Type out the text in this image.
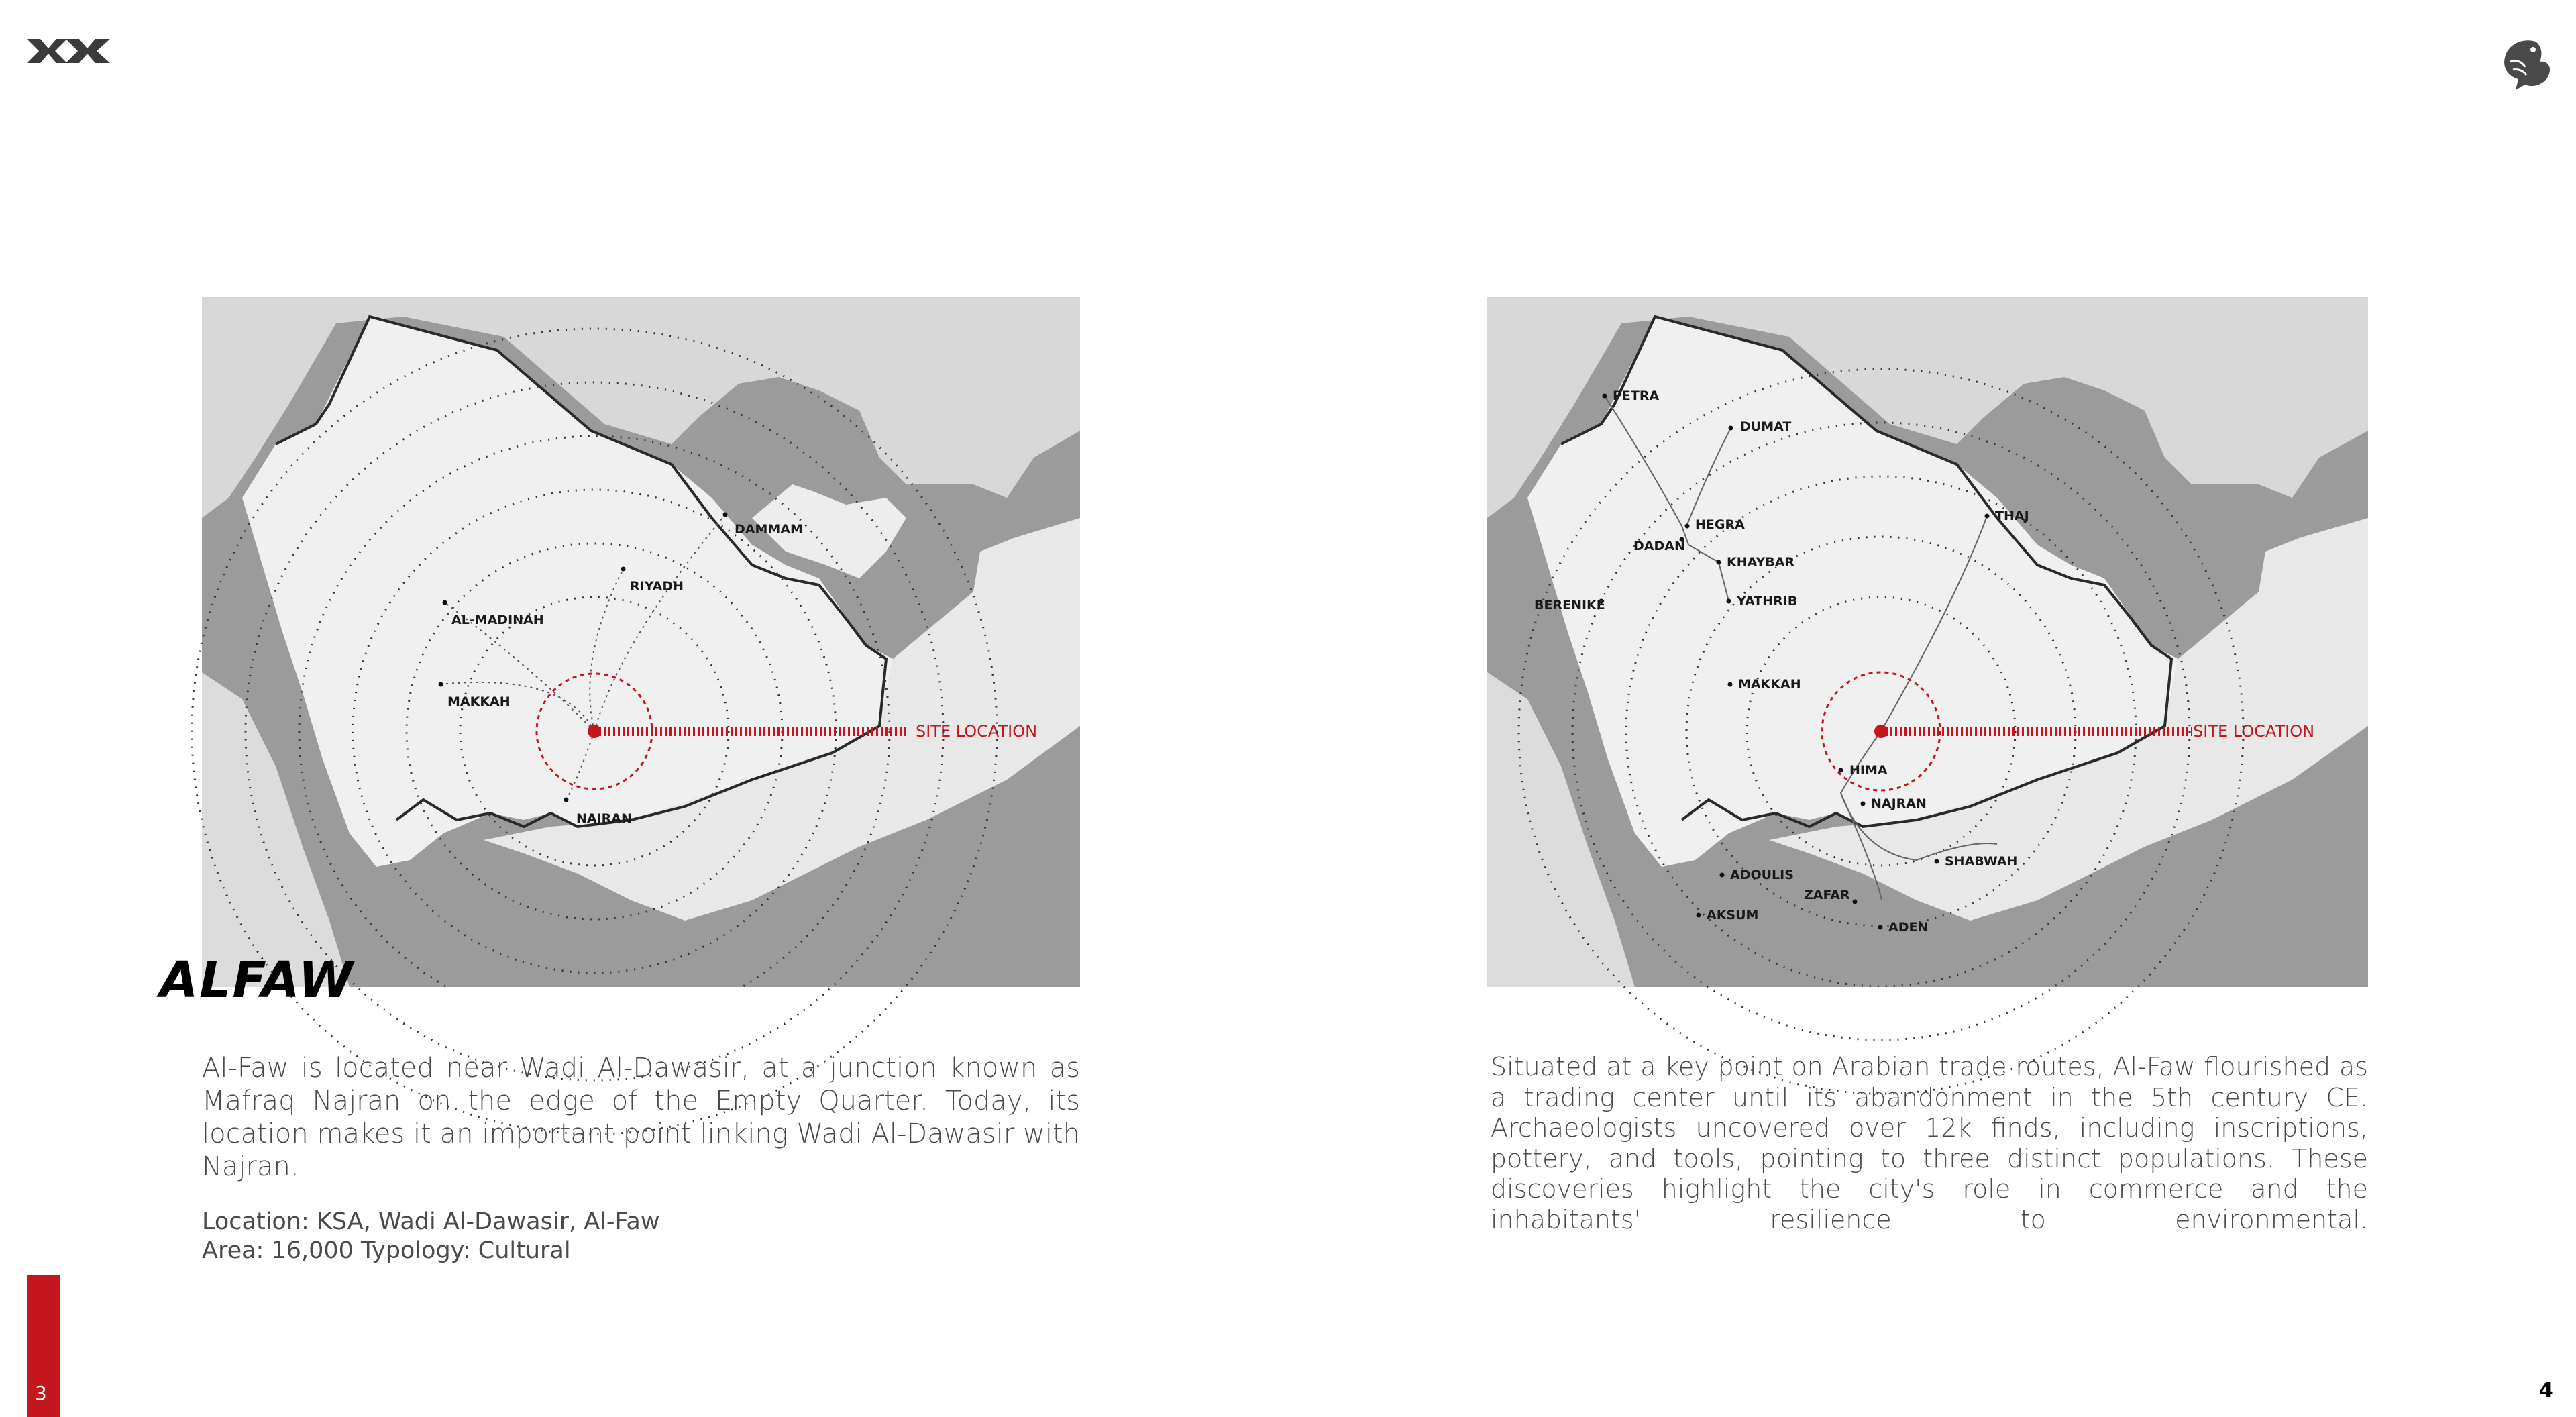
DAMMAM
RIYADH
AL-MADINAH
MAKKAH
NAJRAN
SITE LOCATION
PETRA
DUMAT
HEGRA
DADAN
KHAYBAR
THAJ
BERENIKE	YATHRIB
MAKKAH
HIMA
NAJRAN
SHABWAH
ADOULIS
ZAFAR
AKSUM
ADEN
SITE LOCATION
ALFAW

Al-Faw is located near Wadi Al-Dawasir, at a junction known as Mafraq Najran on the edge of the Empty Quarter. Today, its location makes it an important point linking Wadi Al-Dawasir with Najran.

Location: KSA, Wadi Al-Dawasir, Al-Faw
Area: 16,000 Typology: Cultural

Situated at a key point on Arabian trade routes, Al-Faw flourished as a trading center until its abandonment in the 5th century CE. Archaeologists uncovered over 12k finds, including inscriptions, pottery, and tools, pointing to three distinct populations. These discoveries highlight the city's role in commerce and the inhabitants' resilience to environmental.

3	4
